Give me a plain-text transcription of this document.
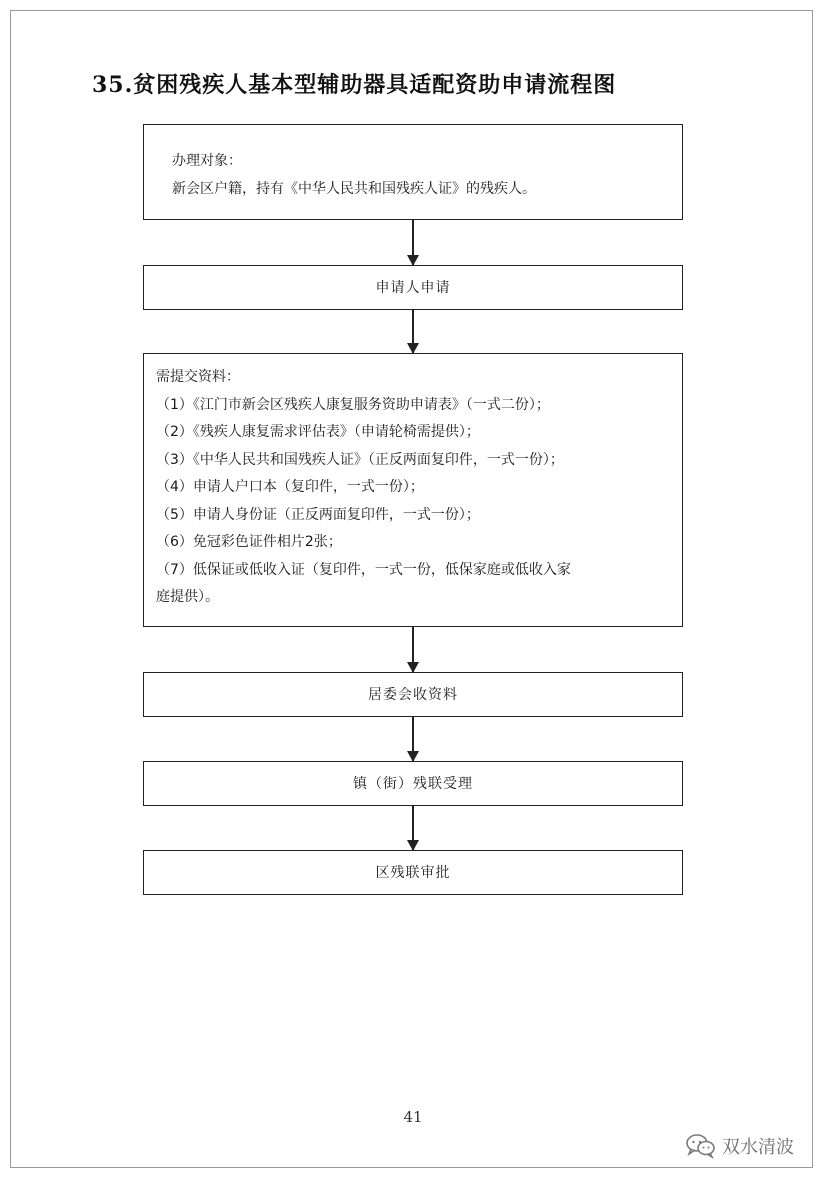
35.贫困残疾人基本型辅助器具适配资助申请流程图
办理对象：
新会区户籍，持有《中华人民共和国残疾人证》的残疾人。
申请人申请
需提交资料：
（1）《江门市新会区残疾人康复服务资助申请表》（一式二份）；
（2）《残疾人康复需求评估表》（申请轮椅需提供）；
（3）《中华人民共和国残疾人证》（正反两面复印件，一式一份）；
（4）申请人户口本（复印件，一式一份）；
（5）申请人身份证（正反两面复印件，一式一份）；
（6）免冠彩色证件相片2张；
（7）低保证或低收入证（复印件，一式一份，低保家庭或低收入家
庭提供）。
居委会收资料
镇（街）残联受理
区残联审批
41
双水清波
